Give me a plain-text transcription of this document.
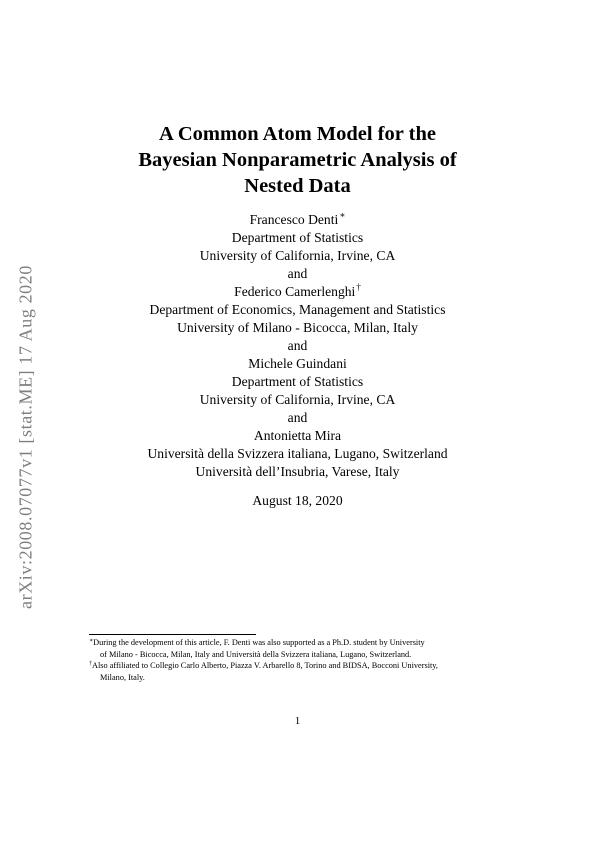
arXiv:2008.07077v1 [stat.ME] 17 Aug 2020
A Common Atom Model for the
Bayesian Nonparametric Analysis of
Nested Data
Francesco Denti∗
Department of Statistics
University of California, Irvine, CA
and
Federico Camerlenghi†
Department of Economics, Management and Statistics
University of Milano - Bicocca, Milan, Italy
and
Michele Guindani
Department of Statistics
University of California, Irvine, CA
and
Antonietta Mira
Università della Svizzera italiana, Lugano, Switzerland
Università dell’Insubria, Varese, Italy
August 18, 2020
∗During the development of this article, F. Denti was also supported as a Ph.D. student by University
of Milano - Bicocca, Milan, Italy and Università della Svizzera italiana, Lugano, Switzerland.
†Also affiliated to Collegio Carlo Alberto, Piazza V. Arbarello 8, Torino and BIDSA, Bocconi University,
Milano, Italy.
1
